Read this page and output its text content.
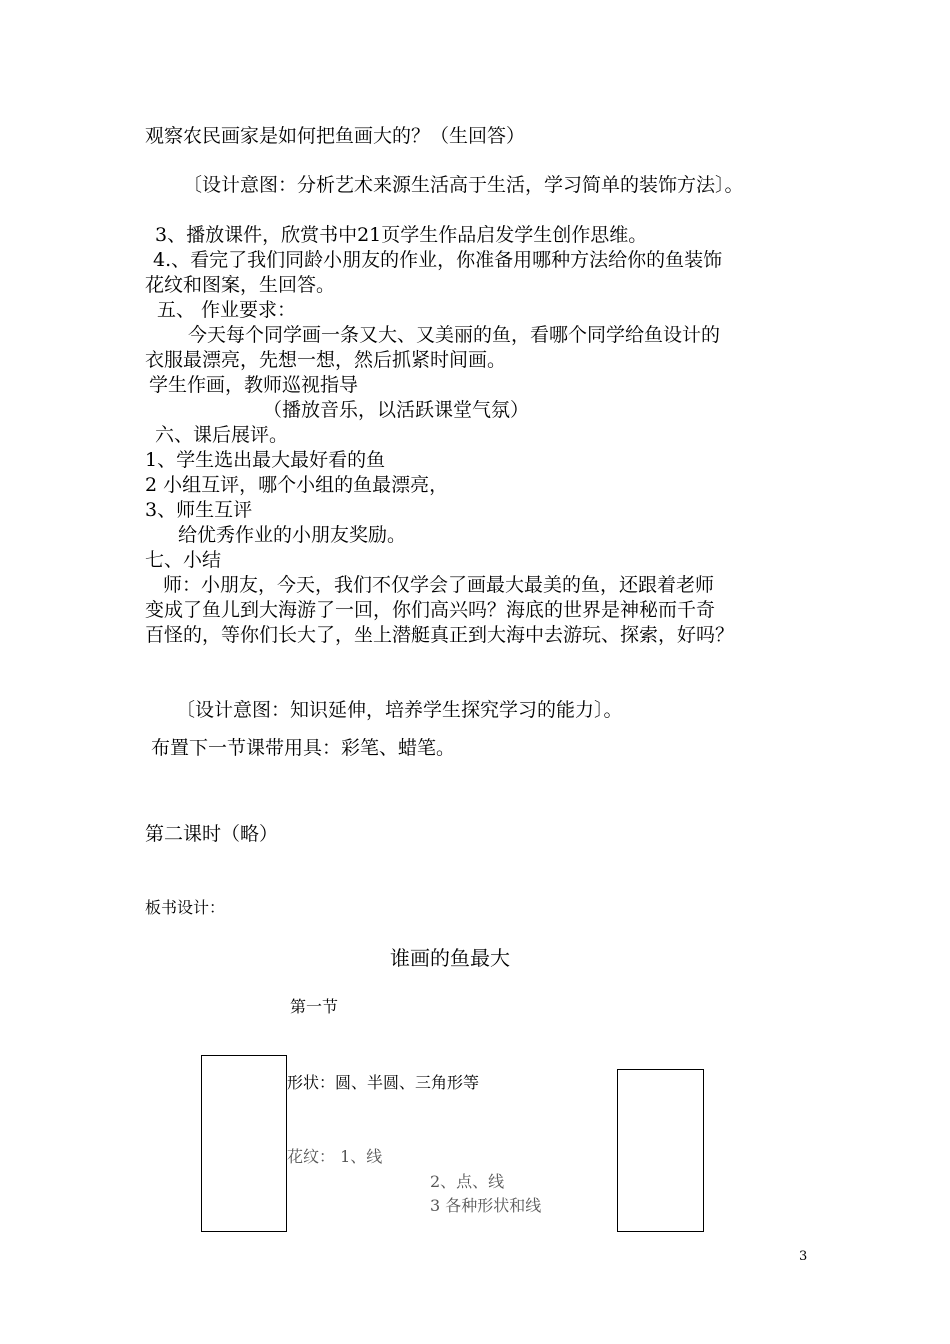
观察农民画家是如何把鱼画大的？（生回答）
〔设计意图：分析艺术来源生活高于生活，学习简单的装饰方法〕。
3、播放课件，欣赏书中21页学生作品启发学生创作思维。
4.、看完了我们同龄小朋友的作业，你准备用哪种方法给你的鱼装饰
花纹和图案，生回答。
五、 作业要求：
今天每个同学画一条又大、又美丽的鱼，看哪个同学给鱼设计的
衣服最漂亮，先想一想，然后抓紧时间画。
学生作画，教师巡视指导
（播放音乐，以活跃课堂气氛）
六、课后展评。
1、学生选出最大最好看的鱼
2 小组互评，哪个小组的鱼最漂亮，
3、师生互评
给优秀作业的小朋友奖励。
七、小结
师：小朋友，今天，我们不仅学会了画最大最美的鱼，还跟着老师
变成了鱼儿到大海游了一回，你们高兴吗？海底的世界是神秘而千奇
百怪的，等你们长大了，坐上潜艇真正到大海中去游玩、探索，好吗？
〔设计意图：知识延伸，培养学生探究学习的能力〕。
布置下一节课带用具：彩笔、蜡笔。
第二课时（略）
板书设计：
谁画的鱼最大
第一节
形状：圆、半圆、三角形等
花纹： 1、线
2、点、线
3 各种形状和线
3
